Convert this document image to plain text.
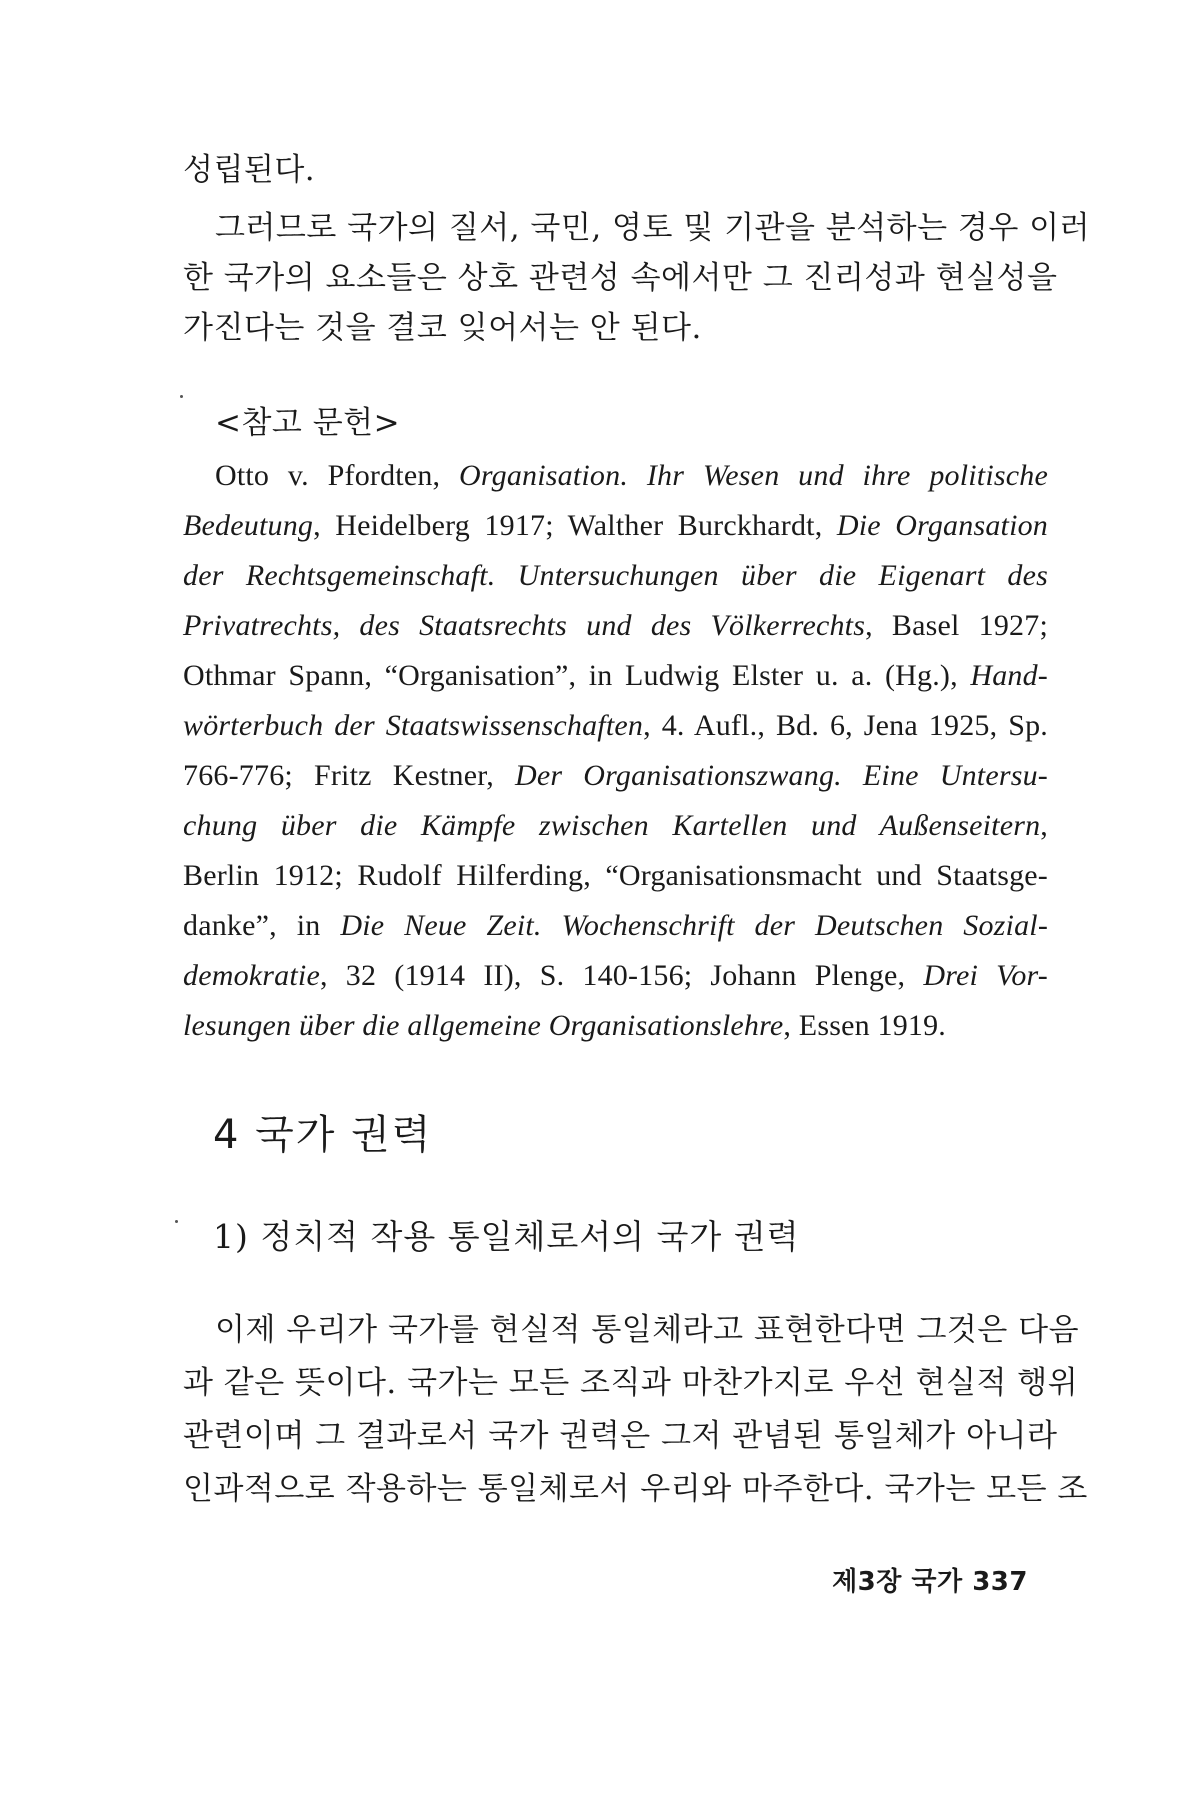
성립된다.
그러므로 국가의 질서, 국민, 영토 및 기관을 분석하는 경우 이러
한 국가의 요소들은 상호 관련성 속에서만 그 진리성과 현실성을
가진다는 것을 결코 잊어서는 안 된다.
<참고 문헌>
Otto v. Pfordten, Organisation. Ihr Wesen und ihre politische
Bedeutung, Heidelberg 1917; Walther Burckhardt, Die Organsation
der Rechtsgemeinschaft. Untersuchungen über die Eigenart des
Privatrechts, des Staatsrechts und des Völkerrechts, Basel 1927;
Othmar Spann, “Organisation”, in Ludwig Elster u. a. (Hg.), Hand-
wörterbuch der Staatswissenschaften, 4. Aufl., Bd. 6, Jena 1925, Sp.
766-776; Fritz Kestner, Der Organisationszwang. Eine Untersu-
chung über die Kämpfe zwischen Kartellen und Außenseitern,
Berlin 1912; Rudolf Hilferding, “Organisationsmacht und Staatsge-
danke”, in Die Neue Zeit. Wochenschrift der Deutschen Sozial-
demokratie, 32 (1914 II), S. 140-156; Johann Plenge, Drei Vor-
lesungen über die allgemeine Organisationslehre, Essen 1919.
이제 우리가 국가를 현실적 통일체라고 표현한다면 그것은 다음
과 같은 뜻이다. 국가는 모든 조직과 마찬가지로 우선 현실적 행위
관련이며 그 결과로서 국가 권력은 그저 관념된 통일체가 아니라
인과적으로 작용하는 통일체로서 우리와 마주한다. 국가는 모든 조
4 국가 권력
1) 정치적 작용 통일체로서의 국가 권력
제3장 국가 337
